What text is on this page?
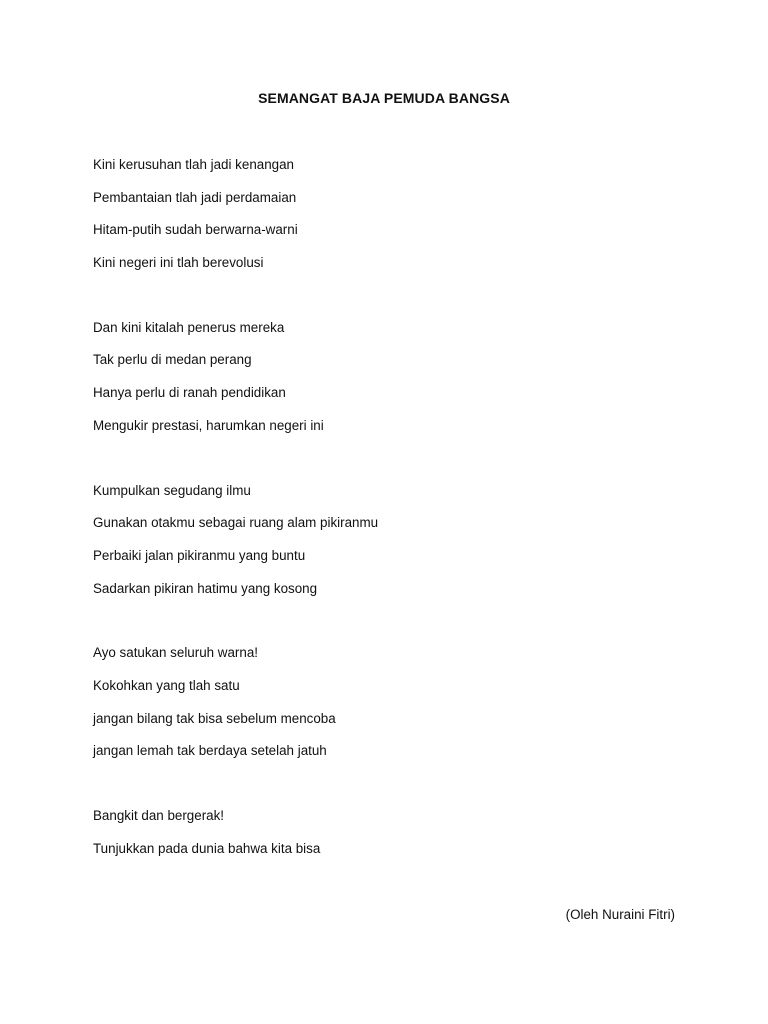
SEMANGAT BAJA PEMUDA BANGSA

Kini kerusuhan tlah jadi kenangan

Pembantaian tlah jadi perdamaian

Hitam-putih sudah berwarna-warni

Kini negeri ini tlah berevolusi

Dan kini kitalah penerus mereka

Tak perlu di medan perang

Hanya perlu di ranah pendidikan

Mengukir prestasi, harumkan negeri ini

Kumpulkan segudang ilmu

Gunakan otakmu sebagai ruang alam pikiranmu

Perbaiki jalan pikiranmu yang buntu

Sadarkan pikiran hatimu yang kosong

Ayo satukan seluruh warna!

Kokohkan yang tlah satu

jangan bilang tak bisa sebelum mencoba

jangan lemah tak berdaya setelah jatuh

Bangkit dan bergerak!

Tunjukkan pada dunia bahwa kita bisa

(Oleh Nuraini Fitri)
